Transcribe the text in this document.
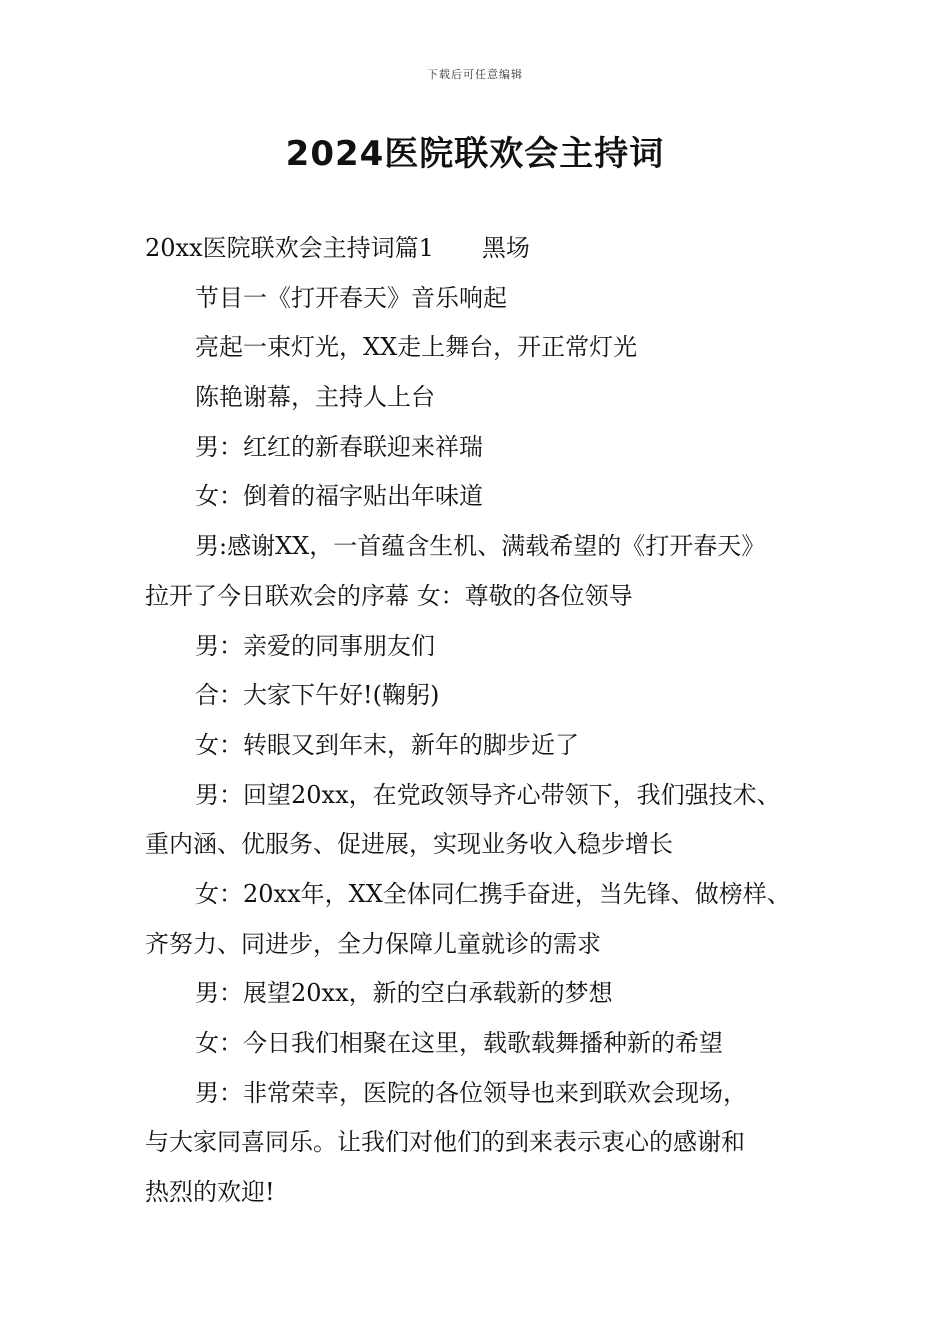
下载后可任意编辑
2024医院联欢会主持词
20xx医院联欢会主持词篇1 黑场
节目一《打开春天》音乐响起
亮起一束灯光，XX走上舞台，开正常灯光
陈艳谢幕，主持人上台
男：红红的新春联迎来祥瑞
女：倒着的福字贴出年味道
男:感谢XX，一首蕴含生机、满载希望的《打开春天》
拉开了今日联欢会的序幕 女：尊敬的各位领导
男：亲爱的同事朋友们
合：大家下午好!(鞠躬)
女：转眼又到年末，新年的脚步近了
男：回望20xx，在党政领导齐心带领下，我们强技术、
重内涵、优服务、促进展，实现业务收入稳步增长
女：20xx年，XX全体同仁携手奋进，当先锋、做榜样、
齐努力、同进步，全力保障儿童就诊的需求
男：展望20xx，新的空白承载新的梦想
女：今日我们相聚在这里，载歌载舞播种新的希望
男：非常荣幸，医院的各位领导也来到联欢会现场，
与大家同喜同乐。让我们对他们的到来表示衷心的感谢和
热烈的欢迎!
